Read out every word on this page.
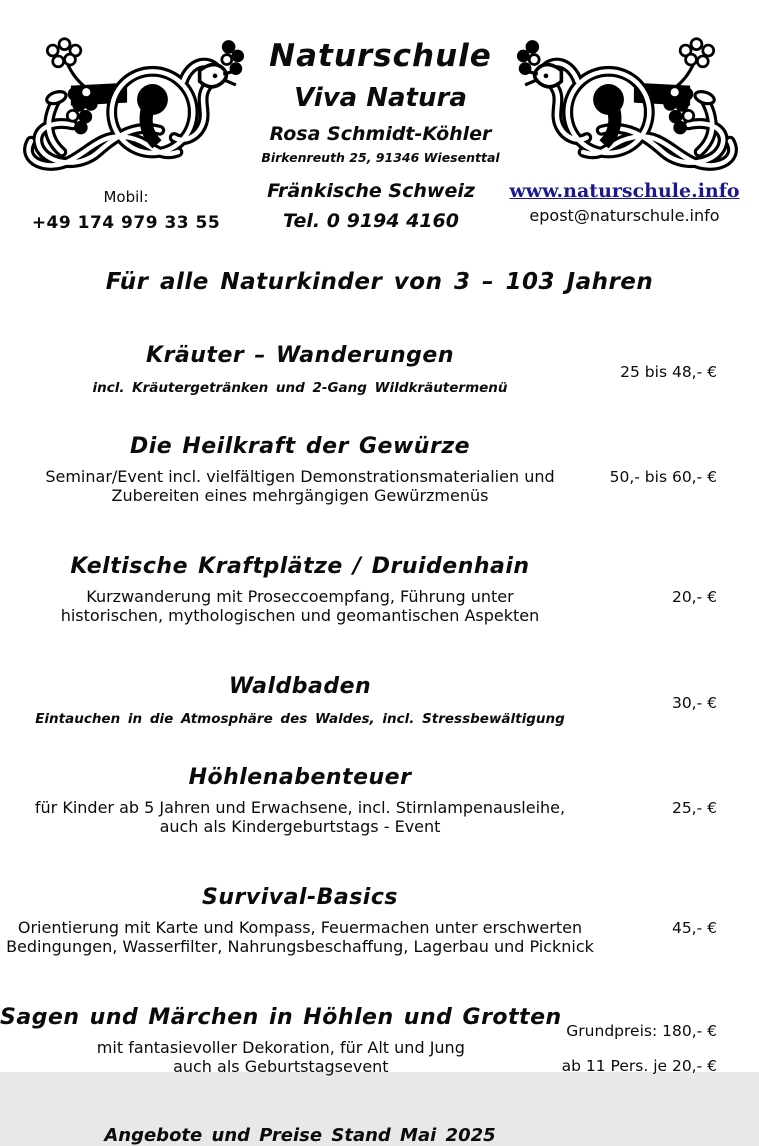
Naturschule
Viva Natura
Rosa Schmidt-Köhler
Birkenreuth 25, 91346 Wiesenttal
Mobil:
+49 174 979 33 55
Fränkische Schweiz
Tel. 0 9194 4160
www.naturschule.info
epost@naturschule.info
Für alle Naturkinder von 3 – 103 Jahren
Kräuter – Wanderungen

incl. Kräutergetränken und 2-Gang Wildkräutermenü

25 bis 48,- €
Die Heilkraft der Gewürze

Seminar/Event incl. vielfältigen Demonstrationsmaterialien und
Zubereiten eines mehrgängigen Gewürzmenüs

50,- bis 60,- €
Keltische Kraftplätze / Druidenhain

Kurzwanderung mit Proseccoempfang, Führung unter
historischen, mythologischen und geomantischen Aspekten

20,- €
Waldbaden

Eintauchen in die Atmosphäre des Waldes, incl. Stressbewältigung

30,- €
Höhlenabenteuer

für Kinder ab 5 Jahren und Erwachsene, incl. Stirnlampenausleihe,
auch als Kindergeburtstags - Event

25,- €
Survival-Basics

Orientierung mit Karte und Kompass, Feuermachen unter erschwerten
Bedingungen, Wasserfilter, Nahrungsbeschaffung, Lagerbau und Picknick

45,- €
Sagen und Märchen in Höhlen und Grotten

mit fantasievoller Dekoration, für Alt und Jung
auch als Geburtstagsevent

Grundpreis: 180,- €
ab 11 Pers. je 20,- €
Angebote und Preise Stand Mai 2025
